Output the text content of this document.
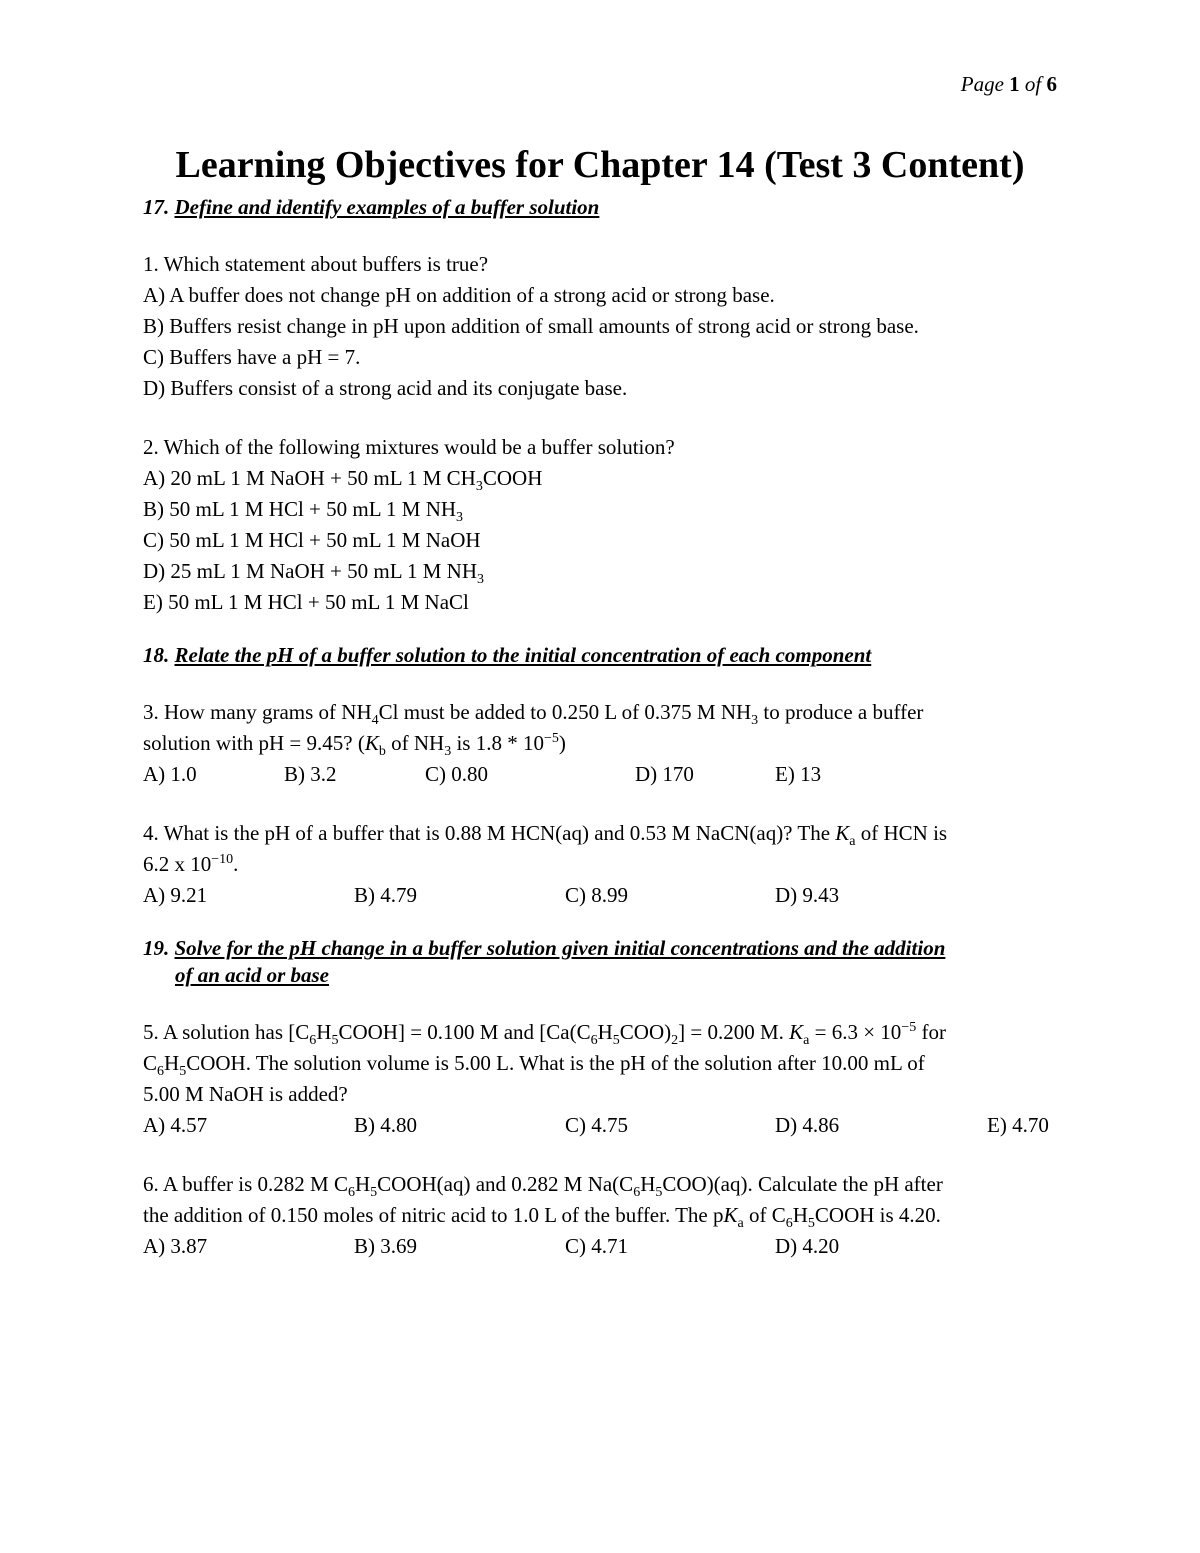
Page 1 of 6
Learning Objectives for Chapter 14 (Test 3 Content)

17. Define and identify examples of a buffer solution

1. Which statement about buffers is true?

A) A buffer does not change pH on addition of a strong acid or strong base.

B) Buffers resist change in pH upon addition of small amounts of strong acid or strong base.

C) Buffers have a pH = 7.

D) Buffers consist of a strong acid and its conjugate base.

2. Which of the following mixtures would be a buffer solution?

A) 20 mL 1 M NaOH + 50 mL 1 M $CH_3COOH$

B) 50 mL 1 M HCl + 50 mL 1 M $NH_3$

C) 50 mL 1 M HCl + 50 mL 1 M NaOH

D) 25 mL 1 M NaOH + 50 mL 1 M $NH_3$

E) 50 mL 1 M HCl + 50 mL 1 M NaCl

18. Relate the pH of a buffer solution to the initial concentration of each component

3. How many grams of $NH_4Cl$ must be added to 0.250 L of 0.375 M $NH_3$ to produce a buffer

solution with pH = 9.45? ($K_b$ of $NH_3$ is $1.8 * 10^{-5}$)

A) 1.0	B) 3.2	C) 0.80	D) 170	E) 13

4. What is the pH of a buffer that is 0.88 M HCN(aq) and 0.53 M NaCN(aq)? The $K_a$ of HCN is

6.2 x $10^{-10}$.

A) 9.21	B) 4.79	C) 8.99	D) 9.43

19. Solve for the pH change in a buffer solution given initial concentrations and the addition
of an acid or base

5. A solution has $[C_6H_5COOH] = 0.100$ M and $[Ca(C_6H_5COO)_2] = 0.200$ M. $K_a = 6.3 \times 10^{-5}$ for

$C_6H_5COOH$. The solution volume is 5.00 L. What is the pH of the solution after 10.00 mL of

5.00 M NaOH is added?

A) 4.57	B) 4.80	C) 4.75	D) 4.86	E) 4.70

6. A buffer is 0.282 M $C_6H_5COOH(aq)$ and 0.282 M $Na(C_6H_5COO)(aq)$. Calculate the pH after

the addition of 0.150 moles of nitric acid to 1.0 L of the buffer. The $pK_a$ of $C_6H_5COOH$ is 4.20.

A) 3.87	B) 3.69	C) 4.71	D) 4.20
